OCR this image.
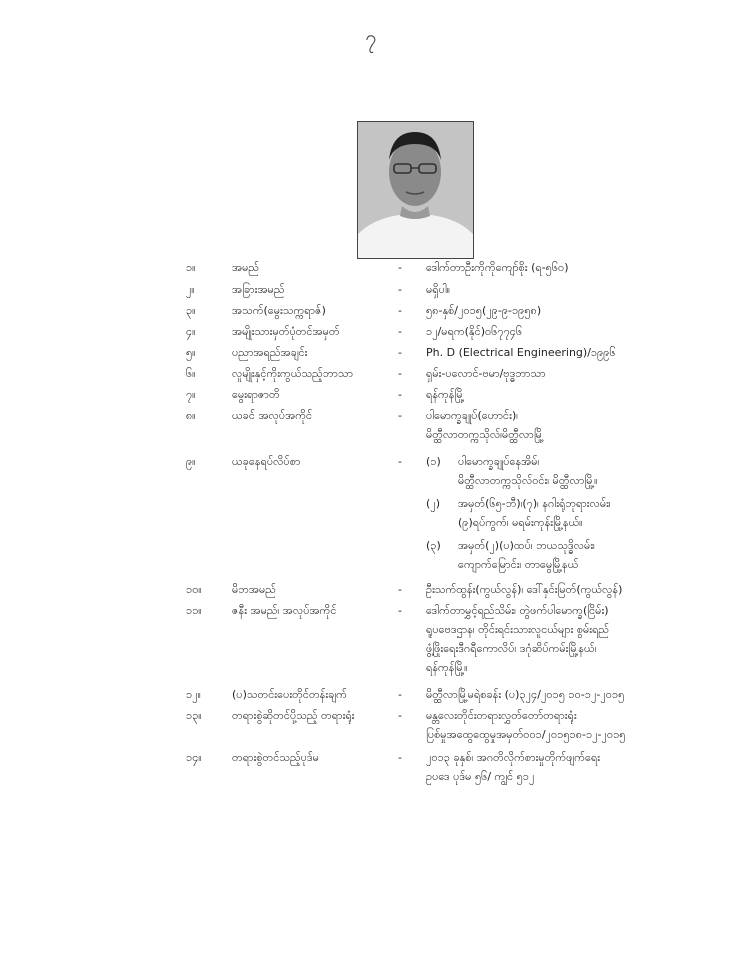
၇
၁။	အမည်	-	ဒေါက်တာဦးကိုကိုကျော်စိုး (ရ-၅၆၀)
၂။	အခြားအမည်	-	မရှိပါ။
၃။	အသက်(မွေးသက္ကရာဇ်)	-	၅၈-နှစ်/၂၀၁၅(၂၉-၉-၁၉၅၈)
၄။	အမျိုးသားမှတ်ပုံတင်အမှတ်	-	၁၂/မရက(နိုင်)၀၆၇၇၄၆
၅။	ပညာအရည်အချင်း	-	Ph. D (Electrical Engineering)/၁၉၉၆
၆။	လူမျိုးနှင့်ကိုးကွယ်သည့်ဘာသာ	-	ရှမ်း-ပလောင်-ဗမာ/ဗုဒ္ဓဘာသာ
၇။	မွေးရာဇာတိ	-	ရန်ကုန်မြို့
၈။	ယခင် အလုပ်အကိုင်	-	ပါမောက္ခချုပ်(ဟောင်း)၊
မိတ္ထီလာတက္ကသိုလ်၊မိတ္ထီလာမြို့
၉။	ယခုနေရပ်လိပ်စာ	-	(၁)	ပါမောက္ခချုပ်နေအိမ်၊
မိတ္ထီလာတက္ကသိုလ်ဝင်း၊ မိတ္ထီလာမြို့။
(၂)	အမှတ်(၆၅-ဘီ)၊(၇)၊ နဂါးရုံဘုရားလမ်း၊
(၉)ရပ်ကွက်၊ မရမ်းကုန်းမြို့နယ်။
(၃)	အမှတ်(၂)(ပ)ထပ်၊ ဘယသုဒ္ဓိလမ်း၊
ကျောက်မြောင်း၊ တာမွေမြို့နယ်
၁၀။	မိဘအမည်	-	ဦးသက်ထွန်း(ကွယ်လွန်)၊ ဒေါ်နှင်းမြတ်(ကွယ်လွန်)
၁၁။	ဇနီး အမည်၊ အလုပ်အကိုင်	-	ဒေါက်တာမွှင့်ရည်သိမ်း၊ တွဲဖက်ပါမောက္ခ(ငြိမ်း)
ရူပဗေဒဌာန၊ တိုင်းရင်းသားလူငယ်များ စွမ်းရည်
ဖွံ့ဖြိုးရေးဒီဂရီကောလိပ်၊ ဒဂုံဆိပ်ကမ်းမြို့နယ်၊
ရန်ကုန်မြို့။
၁၂။	(ပ)သတင်းပေးတိုင်တန်းချက်	-	မိတ္ထီလာမြို့မရဲစခန်း (ပ)၃၂၄/၂၀၁၅ ၁၀-၁၂-၂၀၁၅
၁၃။	တရားစွဲဆိုတင်ပို့သည့် တရားရုံး	-	မန္တလေးတိုင်းတရားလွှတ်တော်တရားရုံး
ပြစ်မှုအထွေထွေမှုအမှတ်၀၀၁/၂၀၁၅၁၈-၁၂-၂၀၁၅
၁၄။	တရားစွဲတင်သည့်ပုဒ်မ	-	၂၀၁၃ ခုနှစ်၊ အဂတိလိုက်စားမှုတိုက်ဖျက်ရေး
ဥပဒေ ပုဒ်မ ၅၆/ ကျွင် ၅၁၂
